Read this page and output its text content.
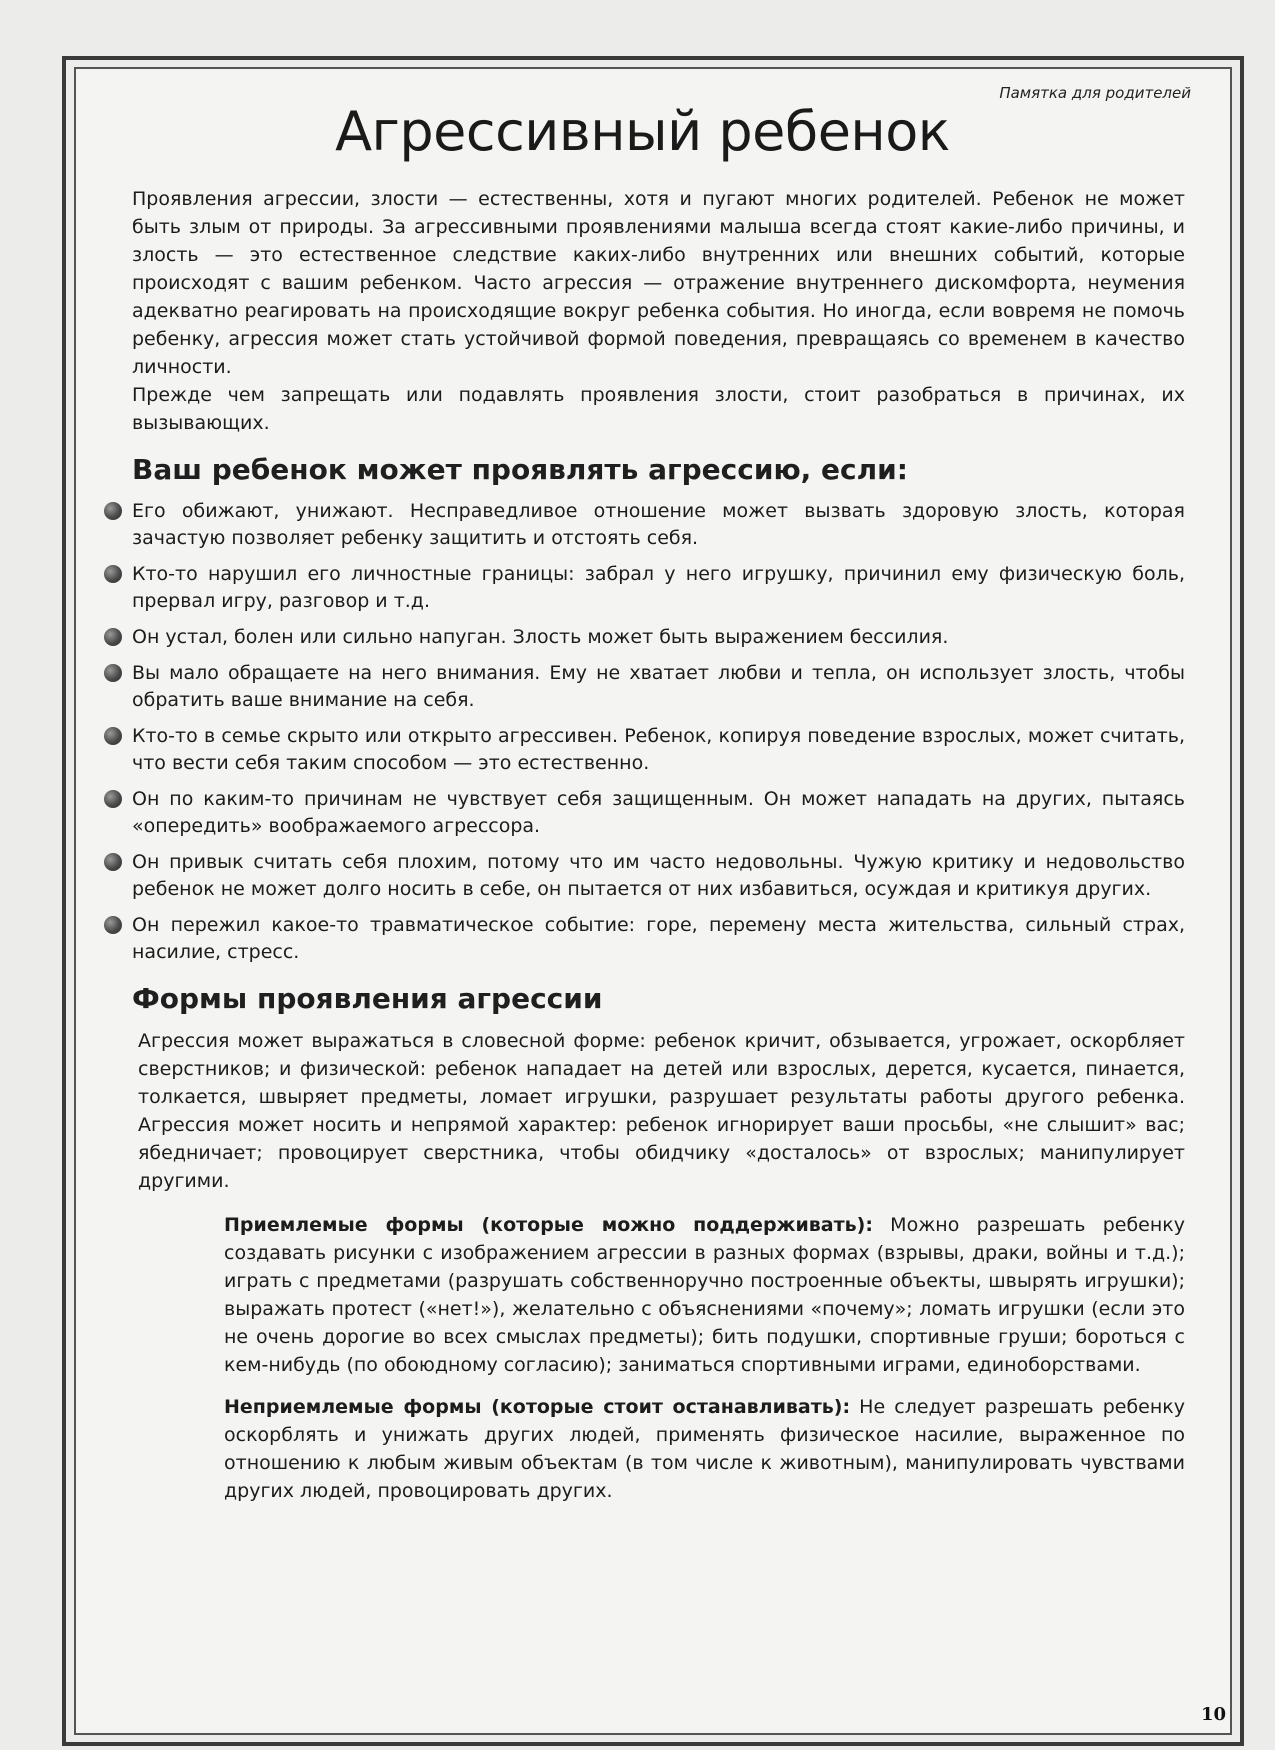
10
Памятка для родителей
Агрессивный ребенок

Проявления агрессии, злости — естественны, хотя и пугают многих родителей. Ребенок не может быть злым от природы. За агрессивными проявлениями малыша всегда стоят какие-либо причины, и злость — это естественное следствие каких-либо внутренних или внешних событий, которые происходят с вашим ребенком. Часто агрессия — отражение внутреннего дискомфорта, неумения адекватно реагировать на происходящие вокруг ребенка события. Но иногда, если вовремя не помочь ребенку, агрессия может стать устойчивой формой поведения, превращаясь со временем в качество личности.

Прежде чем запрещать или подавлять проявления злости, стоит разобраться в причинах, их вызывающих.

Ваш ребенок может проявлять агрессию, если:
Его обижают, унижают. Несправедливое отношение может вызвать здоровую злость, которая зачастую позволяет ребенку защитить и отстоять себя.
Кто-то нарушил его личностные границы: забрал у него игрушку, причинил ему физическую боль, прервал игру, разговор и т.д.
Он устал, болен или сильно напуган. Злость может быть выражением бессилия.
Вы мало обращаете на него внимания. Ему не хватает любви и тепла, он использует злость, чтобы обратить ваше внимание на себя.
Кто-то в семье скрыто или открыто агрессивен. Ребенок, копируя поведение взрослых, может считать, что вести себя таким способом — это естественно.
Он по каким-то причинам не чувствует себя защищенным. Он может нападать на других, пытаясь «опередить» воображаемого агрессора.
Он привык считать себя плохим, потому что им часто недовольны. Чужую критику и недовольство ребенок не может долго носить в себе, он пытается от них избавиться, осуждая и критикуя других.
Он пережил какое-то травматическое событие: горе, перемену места жительства, сильный страх, насилие, стресс.
Формы проявления агрессии

Агрессия может выражаться в словесной форме: ребенок кричит, обзывается, угрожает, оскорбляет сверстников; и физической: ребенок нападает на детей или взрослых, дерется, кусается, пинается, толкается, швыряет предметы, ломает игрушки, разрушает результаты работы другого ребенка. Агрессия может носить и непрямой характер: ребенок игнорирует ваши просьбы, «не слышит» вас; ябедничает; провоцирует сверстника, чтобы обидчику «досталось» от взрослых; манипулирует другими.

Приемлемые формы (которые можно поддерживать): Можно разрешать ребенку создавать рисунки с изображением агрессии в разных формах (взрывы, драки, войны и т.д.); играть с предметами (разрушать собственноручно построенные объекты, швырять игрушки); выражать протест («нет!»), желательно с объяснениями «почему»; ломать игрушки (если это не очень дорогие во всех смыслах предметы); бить подушки, спортивные груши; бороться с кем-нибудь (по обоюдному согласию); заниматься спортивными играми, единоборствами.

Неприемлемые формы (которые стоит останавливать): Не следует разрешать ребенку оскорблять и унижать других людей, применять физическое насилие, выраженное по отношению к любым живым объектам (в том числе к животным), манипулировать чувствами других людей, провоцировать других.
